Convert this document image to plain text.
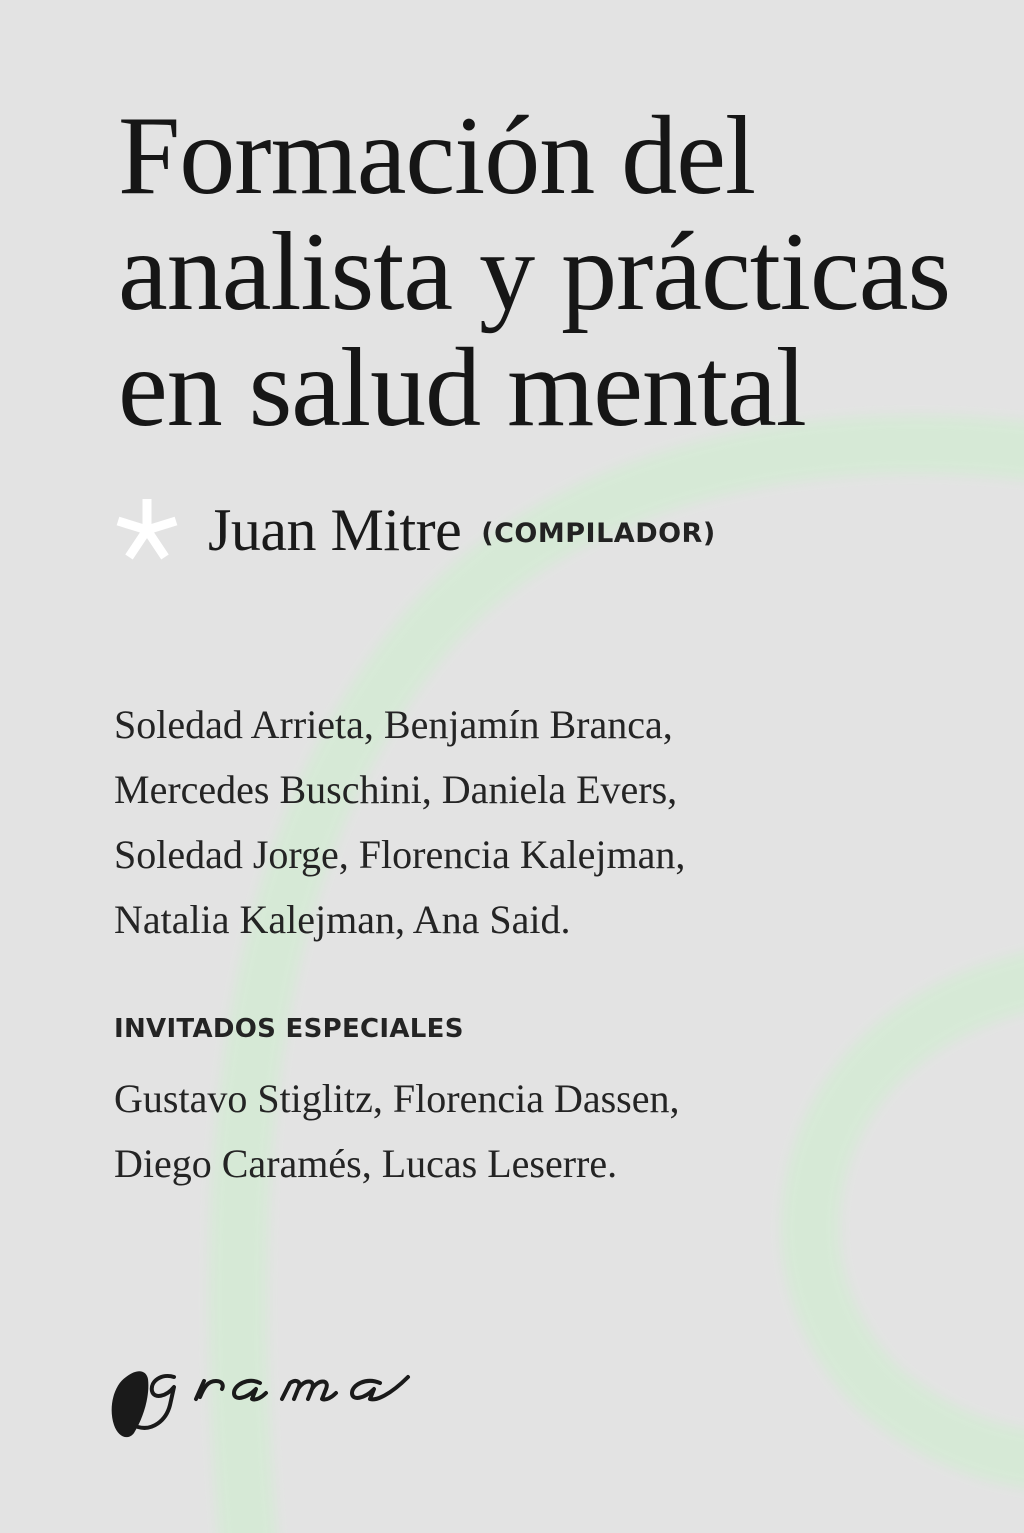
Formación del
analista y prácticas
en salud mental
Juan Mitre (COMPILADOR)
Soledad Arrieta, Benjamín Branca,
Mercedes Buschini, Daniela Evers,
Soledad Jorge, Florencia Kalejman,
Natalia Kalejman, Ana Said.
INVITADOS ESPECIALES
Gustavo Stiglitz, Florencia Dassen,
Diego Caramés, Lucas Leserre.
